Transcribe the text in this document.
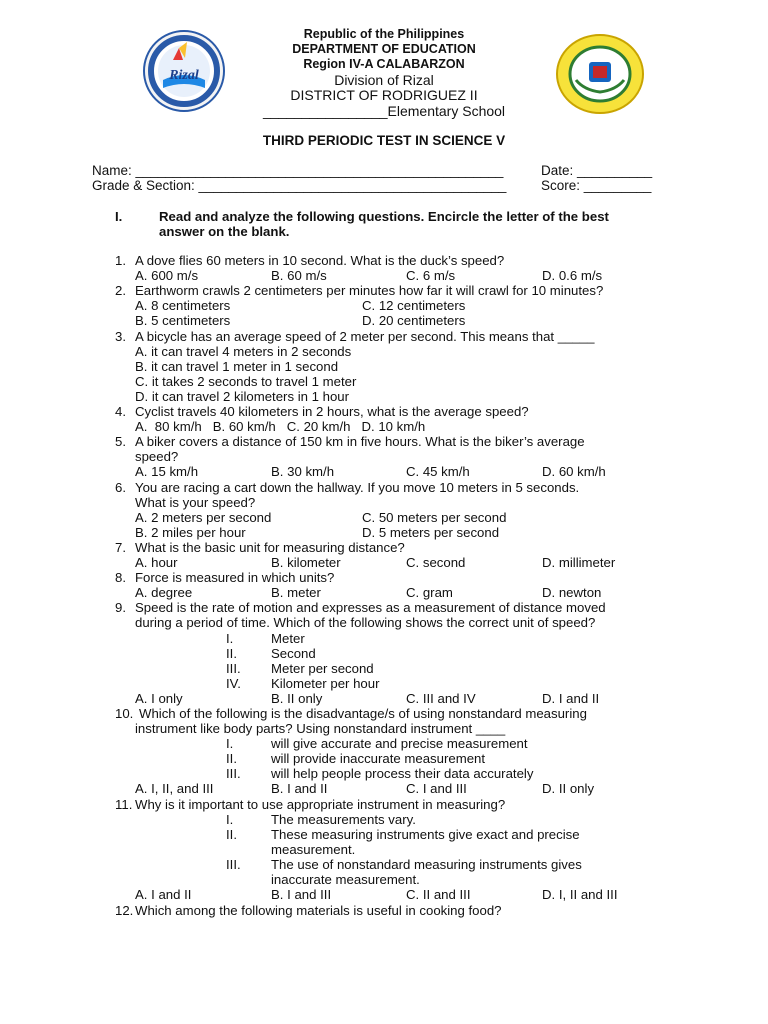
Rizal
Republic of the Philippines
DEPARTMENT OF EDUCATION
Region IV-A CALABARZON
Division of Rizal
DISTRICT OF RODRIGUEZ II
________________Elementary School
THIRD PERIODIC TEST IN SCIENCE V
Name: _________________________________________________	Date: __________
Grade & Section: _________________________________________	Score: _________
I.	Read and analyze the following questions. Encircle the letter of the best
answer on the blank.
1. A dove flies 60 meters in 10 second. What is the duck’s speed?
A. 600 m/s	B. 60 m/s	C. 6 m/s	D. 0.6 m/s
2. Earthworm crawls 2 centimeters per minutes how far it will crawl for 10 minutes?
A. 8 centimeters	C. 12 centimeters
B. 5 centimeters	D. 20 centimeters
3. A bicycle has an average speed of 2 meter per second. This means that _____
A. it can travel 4 meters in 2 seconds
B. it can travel 1 meter in 1 second
C. it takes 2 seconds to travel 1 meter
D. it can travel 2 kilometers in 1 hour
4. Cyclist travels 40 kilometers in 2 hours, what is the average speed?
A.  80 km/h   B. 60 km/h   C. 20 km/h   D. 10 km/h
5. A biker covers a distance of 150 km in five hours. What is the biker’s average
speed?
A. 15 km/h	B. 30 km/h	C. 45 km/h	D. 60 km/h
6. You are racing a cart down the hallway. If you move 10 meters in 5 seconds.
What is your speed?
A. 2 meters per second	C. 50 meters per second
B. 2 miles per hour	D. 5 meters per second
7. What is the basic unit for measuring distance?
A. hour	B. kilometer	C. second	D. millimeter
8. Force is measured in which units?
A. degree	B. meter	C. gram	D. newton
9. Speed is the rate of motion and expresses as a measurement of distance moved
during a period of time. Which of the following shows the correct unit of speed?
I.	Meter
II.	Second
III. Meter per second
IV. Kilometer per hour
A. I only	B. II only	C. III and IV	D. I and II
10. Which of the following is the disadvantage/s of using nonstandard measuring
instrument like body parts? Using nonstandard instrument ____
I.	will give accurate and precise measurement
II.	will provide inaccurate measurement
III. will help people process their data accurately
A. I, II, and III	B. I and II	C. I and III	D. II only
11. Why is it important to use appropriate instrument in measuring?
I.	The measurements vary.
II.	These measuring instruments give exact and precise
measurement.
III. The use of nonstandard measuring instruments gives
inaccurate measurement.
A. I and II	B. I and III	C. II and III	D. I, II and III
12. Which among the following materials is useful in cooking food?
